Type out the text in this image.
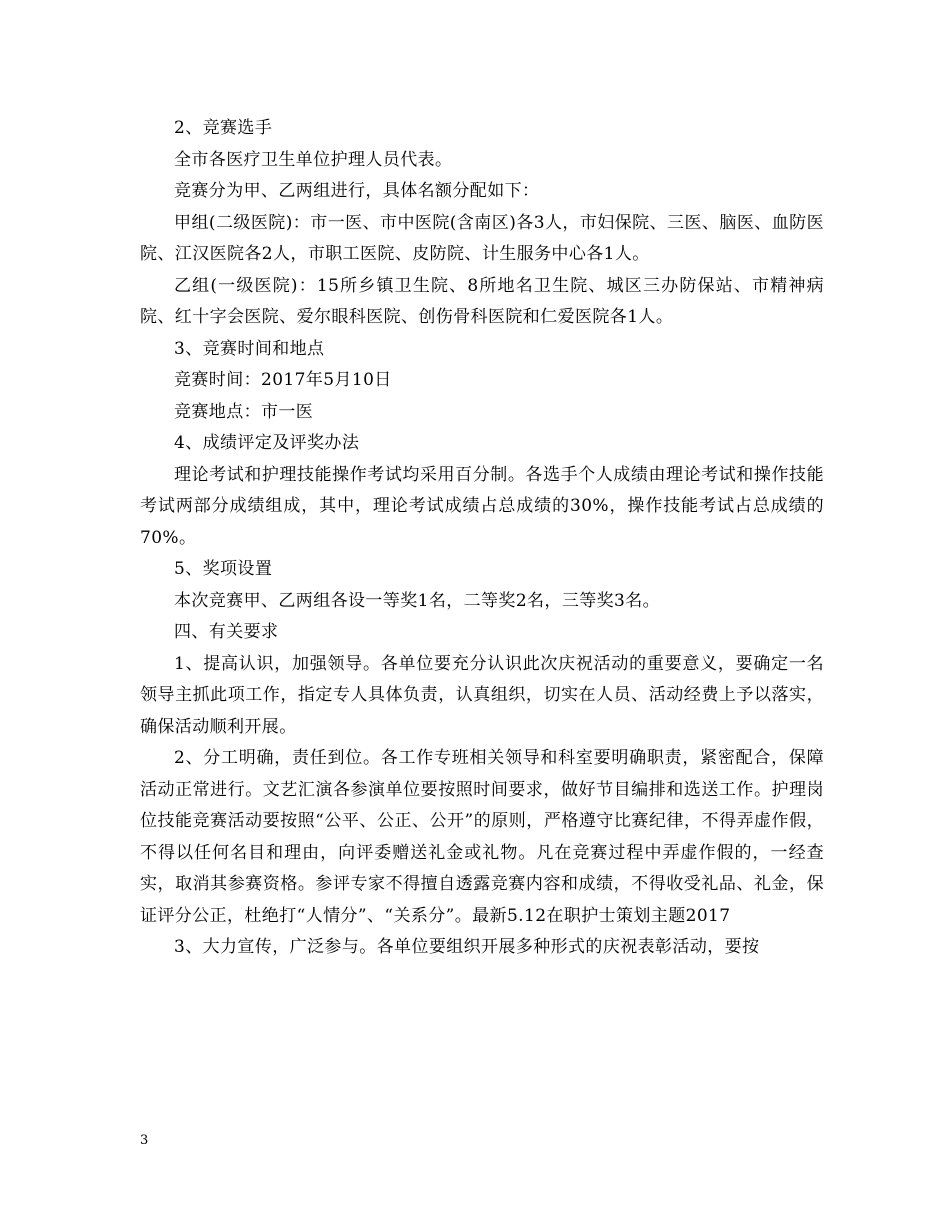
2、竞赛选手

全市各医疗卫生单位护理人员代表。

竞赛分为甲、乙两组进行，具体名额分配如下：

甲组(二级医院)：市一医、市中医院(含南区)各3人，市妇保院、三医、脑医、血防医院、江汉医院各2人，市职工医院、皮防院、计生服务中心各1人。

乙组(一级医院)：15所乡镇卫生院、8所地名卫生院、城区三办防保站、市精神病院、红十字会医院、爱尔眼科医院、创伤骨科医院和仁爱医院各1人。

3、竞赛时间和地点

竞赛时间：2017年5月10日

竞赛地点：市一医

4、成绩评定及评奖办法

理论考试和护理技能操作考试均采用百分制。各选手个人成绩由理论考试和操作技能考试两部分成绩组成，其中，理论考试成绩占总成绩的30%，操作技能考试占总成绩的70%。

5、奖项设置

本次竞赛甲、乙两组各设一等奖1名，二等奖2名，三等奖3名。

四、有关要求

1、提高认识，加强领导。各单位要充分认识此次庆祝活动的重要意义，要确定一名领导主抓此项工作，指定专人具体负责，认真组织，切实在人员、活动经费上予以落实，确保活动顺利开展。

2、分工明确，责任到位。各工作专班相关领导和科室要明确职责，紧密配合，保障活动正常进行。文艺汇演各参演单位要按照时间要求，做好节目编排和选送工作。护理岗位技能竞赛活动要按照“公平、公正、公开”的原则，严格遵守比赛纪律，不得弄虚作假，不得以任何名目和理由，向评委赠送礼金或礼物。凡在竞赛过程中弄虚作假的，一经查实，取消其参赛资格。参评专家不得擅自透露竞赛内容和成绩，不得收受礼品、礼金，保证评分公正，杜绝打“人情分”、“关系分”。最新5.12在职护士策划主题2017

3、大力宣传，广泛参与。各单位要组织开展多种形式的庆祝表彰活动，要按

3
